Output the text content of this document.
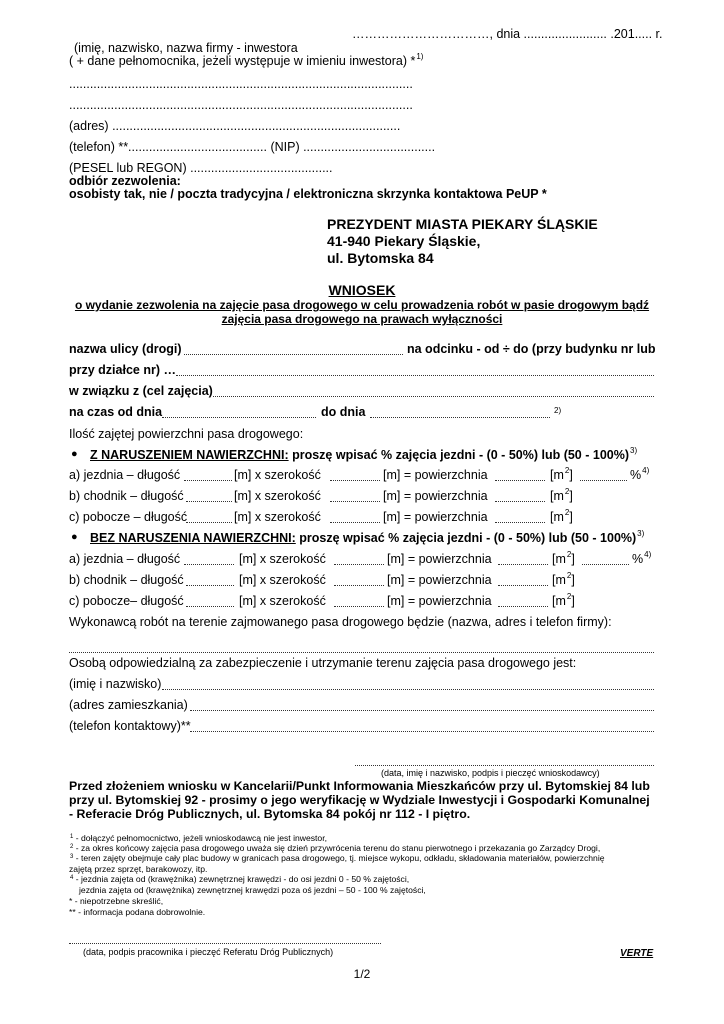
……………………………, dnia ........................ .201..... r.
(imię, nazwisko, nazwa firmy - inwestora
( + dane pełnomocnika, jeżeli występuje w imieniu inwestora) *$^{1)}$
...................................................................................................
...................................................................................................
(adres) ...................................................................................
(telefon) **........................................ (NIP) ......................................
(PESEL lub REGON) .........................................
odbiór zezwolenia:
osobisty tak, nie / poczta tradycyjna / elektroniczna skrzynka kontaktowa PeUP *
PREZYDENT MIASTA PIEKARY ŚLĄSKIE
41-940 Piekary Śląskie,
ul. Bytomska 84
WNIOSEK
o wydanie zezwolenia na zajęcie pasa drogowego w celu prowadzenia robót w pasie drogowym bądź
zajęcia pasa drogowego na prawach wyłączności
nazwa ulicy (drogi)	na odcinku - od ÷ do (przy budynku nr lub
przy działce nr) …
w związku z (cel zajęcia)
na czas od dnia	do dnia	2)
Ilość zajętej powierzchni pasa drogowego:
● Z NARUSZENIEM NAWIERZCHNI: proszę wpisać % zajęcia jezdni - (0 - 50%) lub (50 - 100%)$^{3)}$
a) jezdnia – długość	[m] x szerokość	[m] = powierzchnia	$[m^2]$	%$^{4)}$
b) chodnik – długość	[m] x szerokość	[m] = powierzchnia	$[m^2]$
c) pobocze – długość	[m] x szerokość	[m] = powierzchnia	$[m^2]$
● BEZ NARUSZENIA NAWIERZCHNI: proszę wpisać % zajęcia jezdni - (0 - 50%) lub (50 - 100%)$^{3)}$
a) jezdnia – długość	[m] x szerokość	[m] = powierzchnia	$[m^2]$	%$^{4)}$
b) chodnik – długość	[m] x szerokość	[m] = powierzchnia	$[m^2]$
c) pobocze– długość	[m] x szerokość	[m] = powierzchnia	$[m^2]$
Wykonawcą robót na terenie zajmowanego pasa drogowego będzie (nazwa, adres i telefon firmy):
Osobą odpowiedzialną za zabezpieczenie i utrzymanie terenu zajęcia pasa drogowego jest:
(imię i nazwisko)
(adres zamieszkania)
(telefon kontaktowy)**
(data, imię i nazwisko, podpis i pieczęć wnioskodawcy)
Przed złożeniem wniosku w Kancelarii/Punkt Informowania Mieszkańców przy ul. Bytomskiej 84 lub
przy ul. Bytomskiej 92 - prosimy o jego weryfikację w Wydziale Inwestycji i Gospodarki Komunalnej
- Referacie Dróg Publicznych, ul. Bytomska 84 pokój nr 112 - I piętro.
$^1$ - dołączyć pełnomocnictwo, jeżeli wnioskodawcą nie jest inwestor,
$^2$ - za okres końcowy zajęcia pasa drogowego uważa się dzień przywrócenia terenu do stanu pierwotnego i przekazania go Zarządcy Drogi,
$^3$ - teren zajęty obejmuje cały plac budowy w granicach pasa drogowego, tj. miejsce wykopu, odkładu, składowania materiałów, powierzchnię
zajętą przez sprzęt, barakowozy, itp.
$^4$ - jezdnia zajęta od (krawężnika) zewnętrznej krawędzi - do osi jezdni 0 - 50 % zajętości,
jezdnia zajęta od (krawężnika) zewnętrznej krawędzi poza oś jezdni – 50 - 100 % zajętości,
* - niepotrzebne skreślić,
** - informacja podana dobrowolnie.
(data, podpis pracownika i pieczęć Referatu Dróg Publicznych)	VERTE
1/2
